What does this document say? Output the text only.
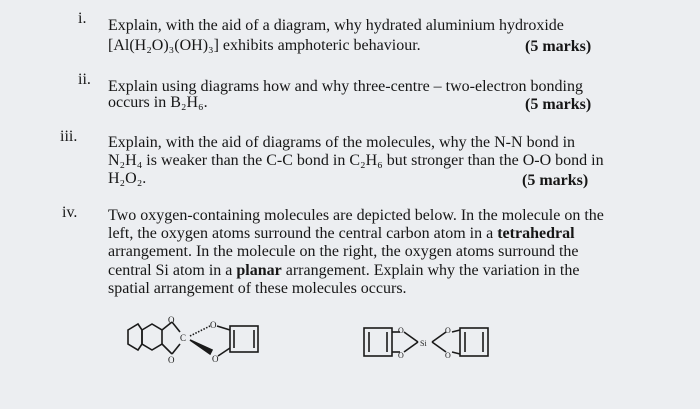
i. Explain, with the aid of a diagram, why hydrated aluminium hydroxide
[Al(H₂O)₃(OH)₃] exhibits amphoteric behaviour.	(5 marks)
ii. Explain using diagrams how and why three-centre – two-electron bonding
occurs in B₂H₆.	(5 marks)
iii. Explain, with the aid of diagrams of the molecules, why the N-N bond in
N₂H₄ is weaker than the C-C bond in C₂H₆ but stronger than the O-O bond in
H₂O₂.	(5 marks)
iv. Two oxygen-containing molecules are depicted below. In the molecule on the
left, the oxygen atoms surround the central carbon atom in a tetrahedral
arrangement. In the molecule on the right, the oxygen atoms surround the
central Si atom in a planar arrangement. Explain why the variation in the
spatial arrangement of these molecules occurs.
O
O
C
O
O
O
O
Si
O
O
